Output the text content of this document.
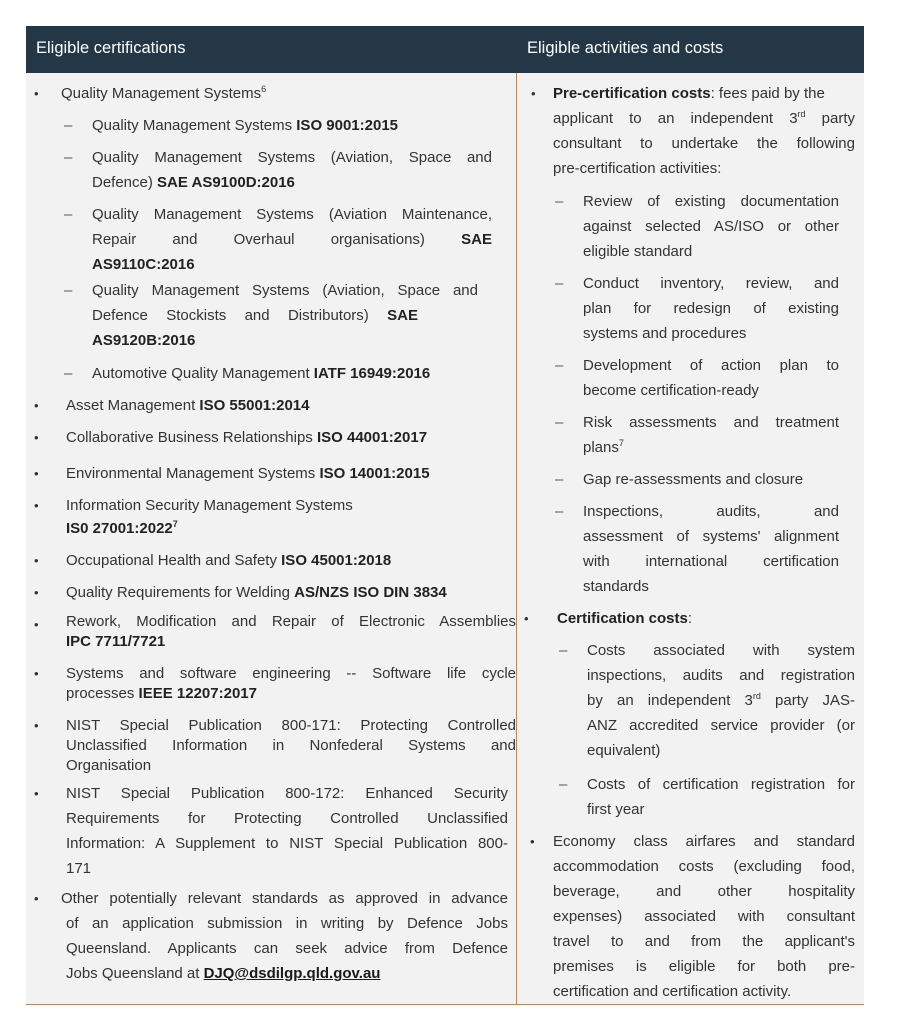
Eligible certifications	Eligible activities and costs
• Quality Management Systems$^6$
– Quality Management Systems ISO 9001:2015
– Quality Management Systems (Aviation, Space and
Defence) SAE AS9100D:2016
– Quality Management Systems (Aviation Maintenance,
Repair and Overhaul organisations) SAE
AS9110C:2016
– Quality Management Systems (Aviation, Space and
Defence Stockists and Distributors) SAE
AS9120B:2016
– Automotive Quality Management IATF 16949:2016
• Asset Management ISO 55001:2014
• Collaborative Business Relationships ISO 44001:2017
• Environmental Management Systems ISO 14001:2015
• Information Security Management Systems
IS0 27001:2022$^7$
• Occupational Health and Safety ISO 45001:2018
• Quality Requirements for Welding AS/NZS ISO DIN 3834
• Rework, Modification and Repair of Electronic Assemblies
IPC 7711/7721
• Systems and software engineering -- Software life cycle
processes IEEE 12207:2017
• NIST Special Publication 800-171: Protecting Controlled
Unclassified Information in Nonfederal Systems and
Organisation
• NIST Special Publication 800-172: Enhanced Security
Requirements for Protecting Controlled Unclassified
Information: A Supplement to NIST Special Publication 800-
171
• Other potentially relevant standards as approved in advance
of an application submission in writing by Defence Jobs
Queensland. Applicants can seek advice from Defence
Jobs Queensland at DJQ@dsdilgp.qld.gov.au
• Pre-certification costs: fees paid by the
applicant to an independent 3rd party
consultant to undertake the following
pre-certification activities:
– Review of existing documentation
against selected AS/ISO or other
eligible standard
– Conduct inventory, review, and
plan for redesign of existing
systems and procedures
– Development of action plan to
become certification-ready
– Risk assessments and treatment
plans$^7$
– Gap re-assessments and closure
– Inspections, audits, and
assessment of systems' alignment
with international certification
standards
• Certification costs:
– Costs associated with system
inspections, audits and registration
by an independent 3rd party JAS-
ANZ accredited service provider (or
equivalent)
– Costs of certification registration for
first year
• Economy class airfares and standard
accommodation costs (excluding food,
beverage, and other hospitality
expenses) associated with consultant
travel to and from the applicant's
premises is eligible for both pre-
certification and certification activity.
